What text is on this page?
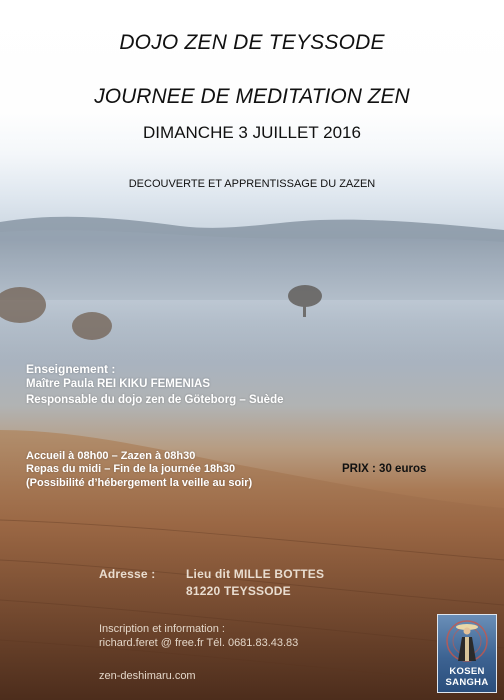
DOJO ZEN DE TEYSSODE

JOURNEE DE MEDITATION ZEN

DIMANCHE 3 JUILLET 2016

DECOUVERTE ET APPRENTISSAGE DU ZAZEN

Enseignement :

Maître Paula REI KIKU FEMENIAS

Responsable du dojo zen de Göteborg – Suède

Accueil à 08h00 – Zazen à 08h30

Repas du midi – Fin de la journée 18h30

(Possibilité d’hébergement la veille au soir)

PRIX : 30 euros

Adresse :	Lieu dit MILLE BOTTES

81220 TEYSSODE

Inscription et information :

richard.feret @ free.fr Tél. 0681.83.43.83

zen-deshimaru.com	KOSEN
SANGHA
